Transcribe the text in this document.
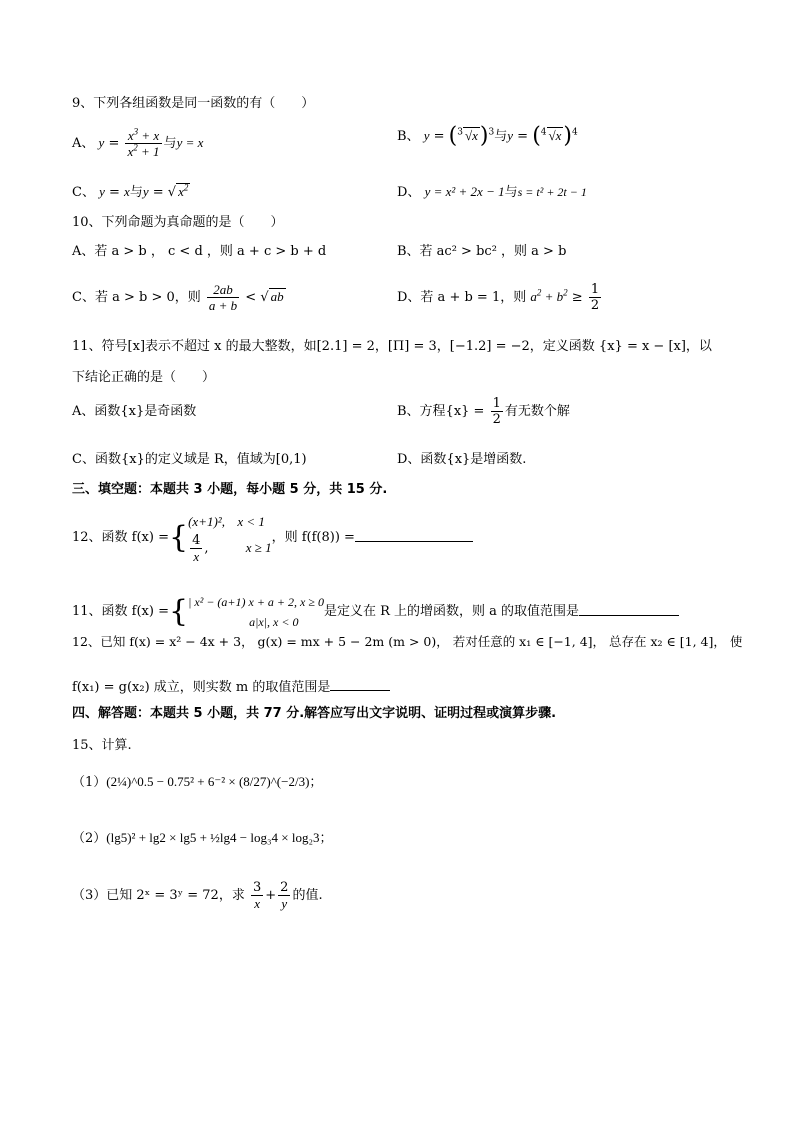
9、下列各组函数是同一函数的有（　　）
A、 $y = \frac{x^3 + x}{x^2 + 1}$ 与y = x	B、 y = ($^3$ √x)$^3$与y = ($^4$ √x)$^4$
C、 y = x与y = √ $x^2$	D、 y = x² + 2x − 1与s = t² + 2t − 1
10、下列命题为真命题的是（　　）
A、若 a > b ， c < d ，则 a + c > b + d	B、若 ac² > bc² ，则 a > b
C、若 a > b > 0，则 $\frac{2ab}{a + b}$ < √ ab	D、若 a + b = 1，则 $a^2 + b^2 \ge \frac{1}{2}$
11、符号[x]表示不超过 x 的最大整数，如[2.1] = 2，[Π] = 3，[−1.2] = −2，定义函数 {x} = x − [x]，以
下结论正确的是（　　）
A、函数{x}是奇函数	B、方程$\{x\} = \frac{1}{2}$ 有无数个解
C、函数{x}的定义域是 R，值域为[0,1)	D、函数{x}是增函数.
三、填空题：本题共 3 小题，每小题 5 分，共 15 分.
12、函数 f(x) ={(x+1)², x < 1

$\frac{4}{x}$ ,         x ≥ 1，则 f(f(8)) =
11、函数 f(x) ={| x² − (a+1) x + a + 2, x ≥ 0
a|x|, x < 0是定义在 R 上的增函数，则 a 的取值范围是
12、已知 f(x) = x² − 4x + 3， g(x) = mx + 5 − 2m (m > 0)， 若对任意的 x₁ ∈ [−1, 4]， 总存在 x₂ ∈ [1, 4]， 使
f(x₁) = g(x₂) 成立，则实数 m 的取值范围是
四、解答题：本题共 5 小题，共 77 分.解答应写出文字说明、证明过程或演算步骤.
15、计算.
（1）(2¼)^0.5 − 0.75² + 6⁻² × (8/27)^(−2/3)；
（2）(lg5)² + lg2 × lg5 + ½lg4 − log₃4 × log₂3；
（3）已知 2ˣ = 3ʸ = 72，求 $\frac{3}{x} + \frac{2}{y}$ 的值.
